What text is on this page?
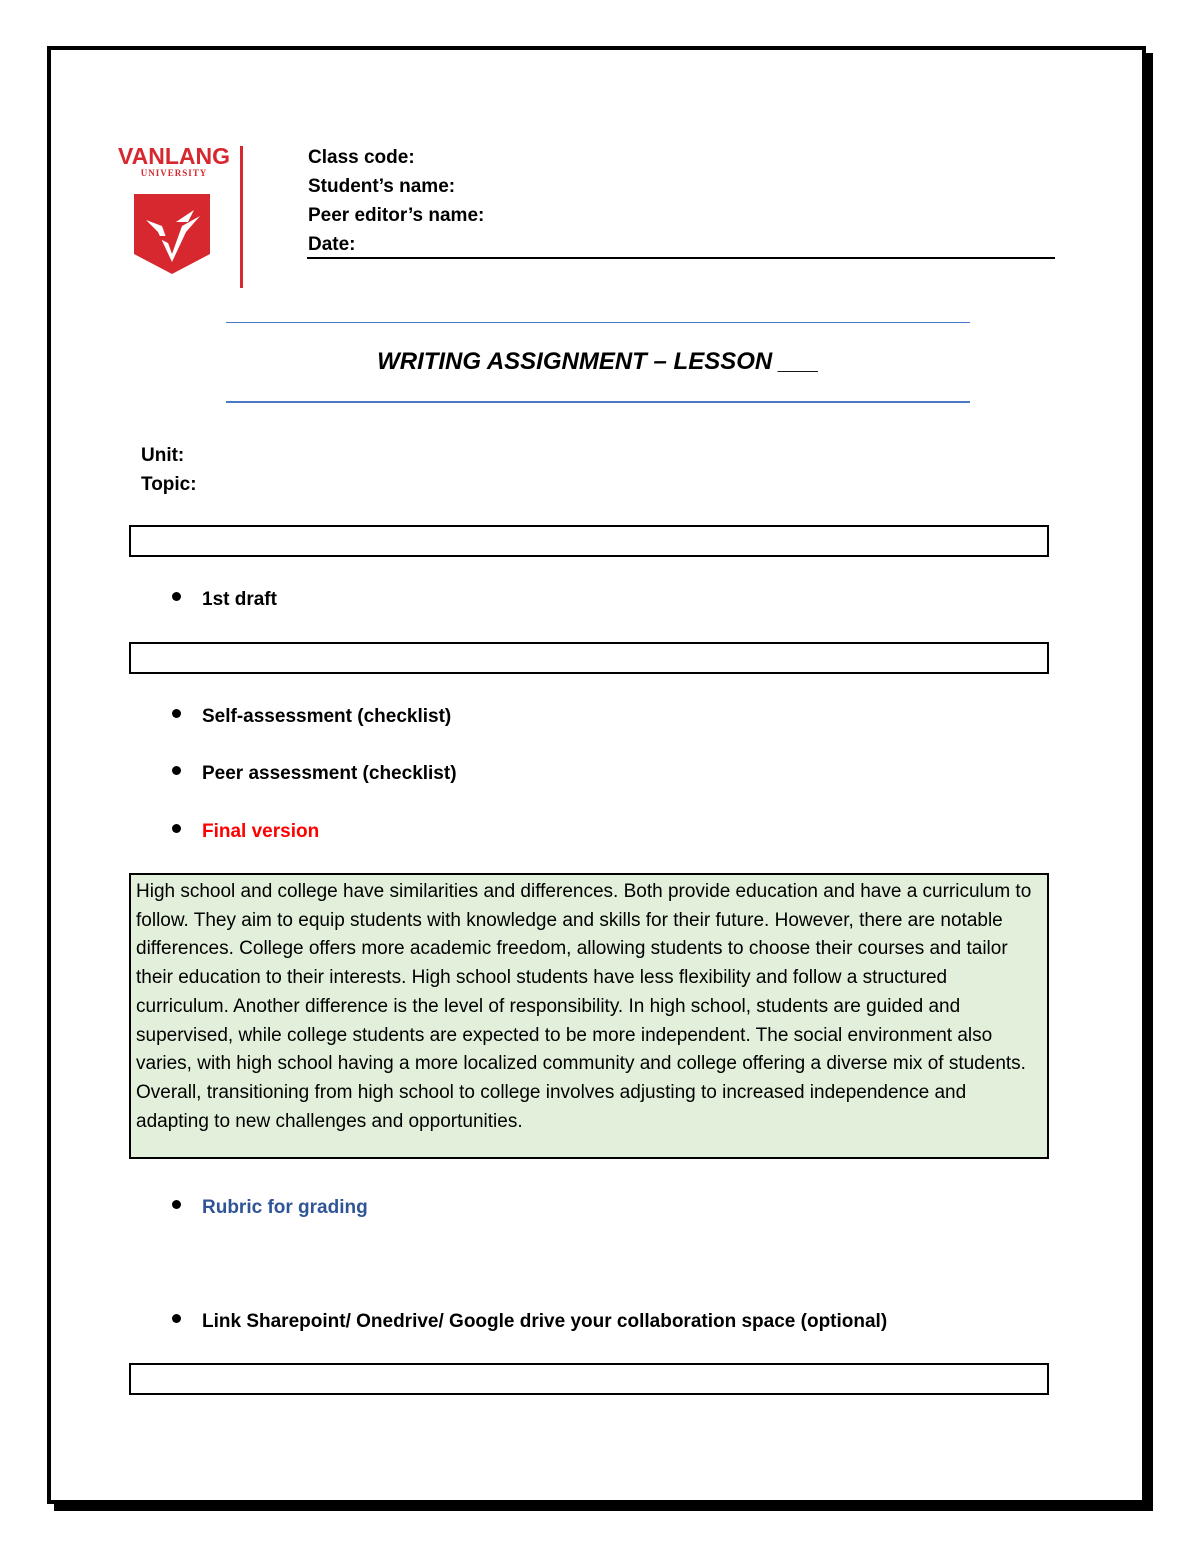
VANLANG
UNIVERSITY
Class code:
Student’s name:
Peer editor’s name:
Date:
WRITING ASSIGNMENT – LESSON ___
Unit:
Topic:
1st draft
Self-assessment (checklist)
Peer assessment (checklist)
Final version
High school and college have similarities and differences. Both provide education and have a curriculum to follow. They aim to equip students with knowledge and skills for their future. However, there are notable differences. College offers more academic freedom, allowing students to choose their courses and tailor their education to their interests. High school students have less flexibility and follow a structured curriculum. Another difference is the level of responsibility. In high school, students are guided and supervised, while college students are expected to be more independent. The social environment also varies, with high school having a more localized community and college offering a diverse mix of students. Overall, transitioning from high school to college involves adjusting to increased independence and adapting to new challenges and opportunities.
Rubric for grading
Link Sharepoint/ Onedrive/ Google drive your collaboration space (optional)
